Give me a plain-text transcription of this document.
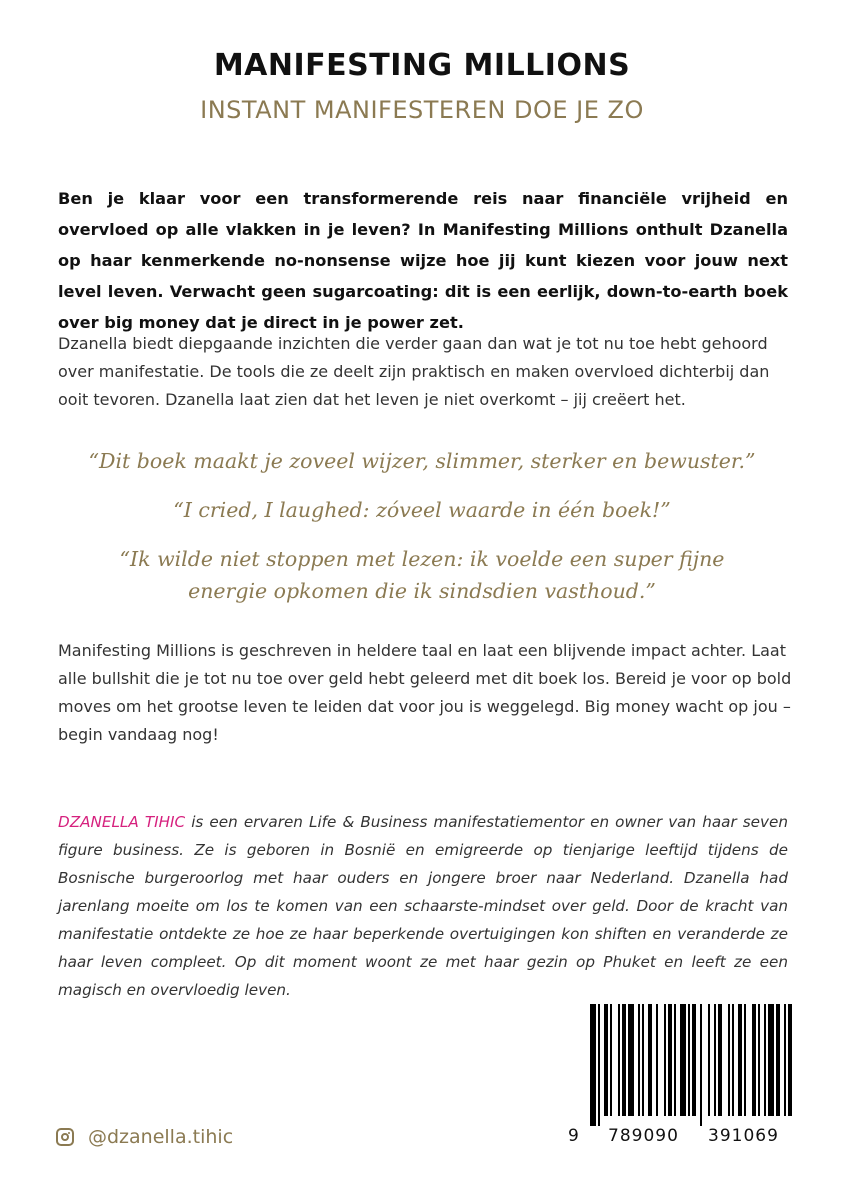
MANIFESTING MILLIONS
INSTANT MANIFESTEREN DOE JE ZO

Ben je klaar voor een transformerende reis naar financiële vrijheid en overvloed op alle vlakken in je leven? In Manifesting Millions onthult Dzanella op haar kenmerkende no-nonsense wijze hoe jij kunt kiezen voor jouw next level leven. Verwacht geen sugarcoating: dit is een eerlijk, down-to-earth boek over big money dat je direct in je power zet.

Dzanella biedt diepgaande inzichten die verder gaan dan wat je tot nu toe hebt gehoord over manifestatie. De tools die ze deelt zijn praktisch en maken overvloed dichterbij dan ooit tevoren. Dzanella laat zien dat het leven je niet overkomt – jij creëert het.

“Dit boek maakt je zoveel wijzer, slimmer, sterker en bewuster.”

“I cried, I laughed: zóveel waarde in één boek!”

“Ik wilde niet stoppen met lezen: ik voelde een super fijne
energie opkomen die ik sindsdien vasthoud.”

Manifesting Millions is geschreven in heldere taal en laat een blijvende impact achter. Laat alle bullshit die je tot nu toe over geld hebt geleerd met dit boek los. Bereid je voor op bold moves om het grootse leven te leiden dat voor jou is weggelegd. Big money wacht op jou – begin vandaag nog!

DZANELLA TIHIC is een ervaren Life & Business manifestatiementor en owner van haar seven figure business. Ze is geboren in Bosnië en emigreerde op tienjarige leeftijd tijdens de Bosnische burgeroorlog met haar ouders en jongere broer naar Nederland. Dzanella had jarenlang moeite om los te komen van een schaarste-mindset over geld. Door de kracht van manifestatie ontdekte ze hoe ze haar beperkende overtuigingen kon shiften en veranderde ze haar leven compleet. Op dit moment woont ze met haar gezin op Phuket en leeft ze een magisch en overvloedig leven.

@dzanella.tihic	9 789090 391069
